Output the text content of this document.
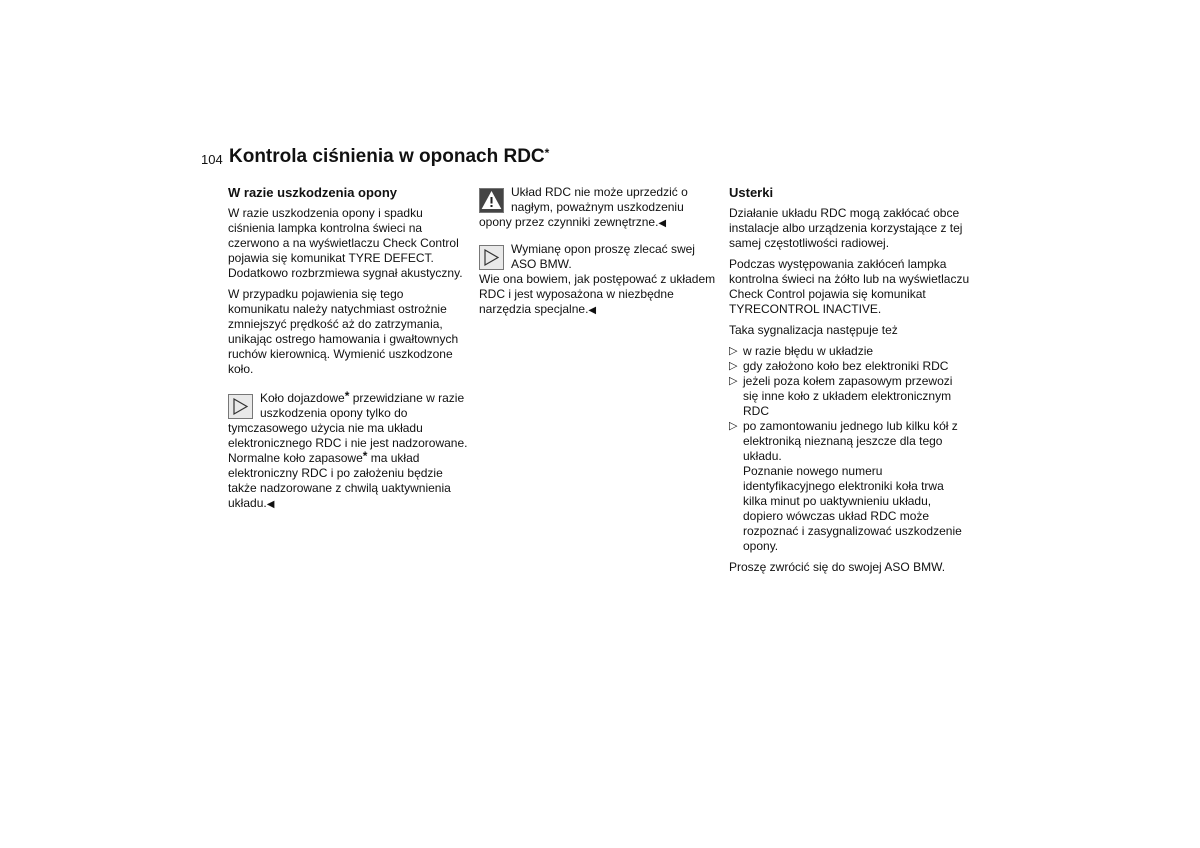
104 Kontrola ciśnienia w oponach RDC*
W razie uszkodzenia opony

W razie uszkodzenia opony i spadku
ciśnienia lampka kontrolna świeci na
czerwono a na wyświetlaczu Check Control
pojawia się komunikat TYRE DEFECT.
Dodatkowo rozbrzmiewa sygnał akustyczny.

W przypadku pojawienia się tego
komunikatu należy natychmiast ostrożnie
zmniejszyć prędkość aż do zatrzymania,
unikając ostrego hamowania i gwałtownych
ruchów kierownicą. Wymienić uszkodzone
koło.

Koło dojazdowe* przewidziane w razie
uszkodzenia opony tylko do
tymczasowego użycia nie ma układu
elektronicznego RDC i nie jest nadzorowane.
Normalne koło zapasowe* ma układ
elektroniczny RDC i po założeniu będzie
także nadzorowane z chwilą uaktywnienia
układu.◀
Układ RDC nie może uprzedzić o
nagłym, poważnym uszkodzeniu
opony przez czynniki zewnętrzne.◀
Wymianę opon proszę zlecać swej
ASO BMW.
Wie ona bowiem, jak postępować z układem
RDC i jest wyposażona w niezbędne
narzędzia specjalne.◀
Usterki

Działanie układu RDC mogą zakłócać obce
instalacje albo urządzenia korzystające z tej
samej częstotliwości radiowej.

Podczas występowania zakłóceń lampka
kontrolna świeci na żółto lub na wyświetlaczu
Check Control pojawia się komunikat
TYRECONTROL INACTIVE.

Taka sygnalizacja następuje też

▷ w razie błędu w układzie
▷ gdy założono koło bez elektroniki RDC
▷ jeżeli poza kołem zapasowym przewozi
się inne koło z układem elektronicznym
RDC
▷ po zamontowaniu jednego lub kilku kół z
elektroniką nieznaną jeszcze dla tego
układu.
Poznanie nowego numeru
identyfikacyjnego elektroniki koła trwa
kilka minut po uaktywnieniu układu,
dopiero wówczas układ RDC może
rozpoznać i zasygnalizować uszkodzenie
opony.

Proszę zwrócić się do swojej ASO BMW.
